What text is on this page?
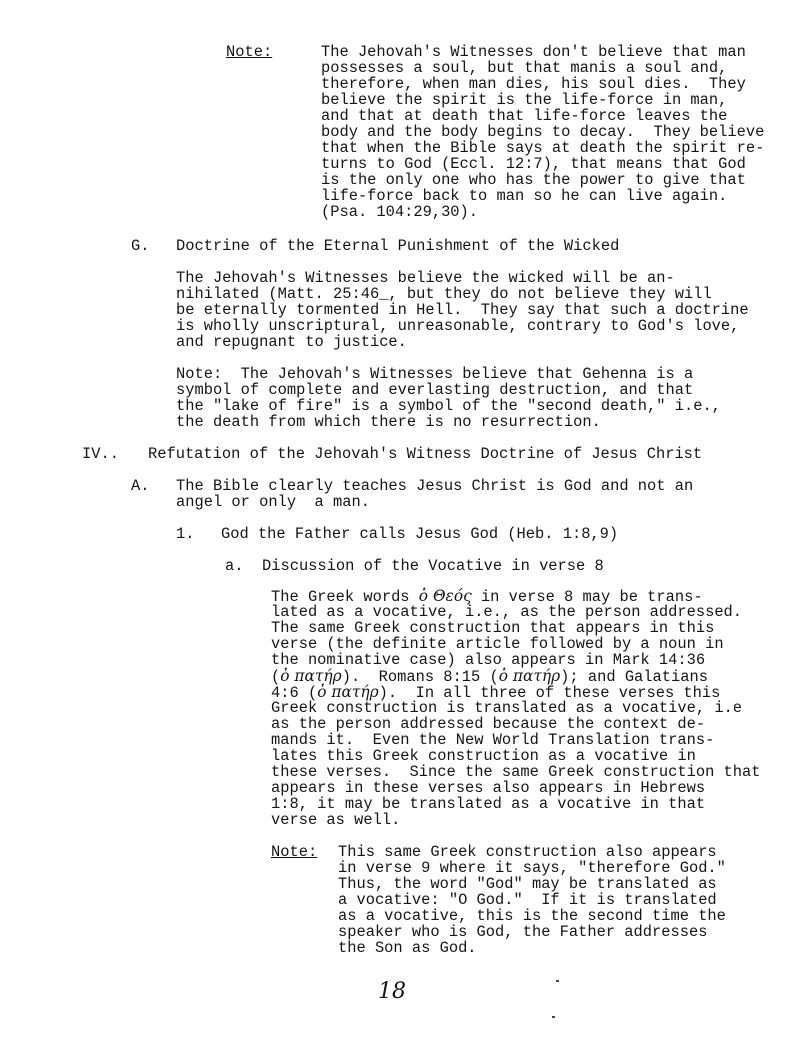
Note:	The Jehovah's Witnesses don't believe that man
possesses a soul, but that manis a soul and,
therefore, when man dies, his soul dies.  They
believe the spirit is the life-force in man,
and that at death that life-force leaves the
body and the body begins to decay.  They believe
that when the Bible says at death the spirit re-
turns to God (Eccl. 12:7), that means that God
is the only one who has the power to give that
life-force back to man so he can live again.
(Psa. 104:29,30).
G. Doctrine of the Eternal Punishment of the Wicked
The Jehovah's Witnesses believe the wicked will be an-
nihilated (Matt. 25:46_, but they do not believe they will
be eternally tormented in Hell.  They say that such a doctrine
is wholly unscriptural, unreasonable, contrary to God's love,
and repugnant to justice.
Note:  The Jehovah's Witnesses believe that Gehenna is a
symbol of complete and everlasting destruction, and that
the "lake of fire" is a symbol of the "second death," i.e.,
the death from which there is no resurrection.
IV.. Refutation of the Jehovah's Witness Doctrine of Jesus Christ
A. The Bible clearly teaches Jesus Christ is God and not an
angel or only  a man.
1. God the Father calls Jesus God (Heb. 1:8,9)
a. Discussion of the Vocative in verse 8
The Greek words ὁ Θεός in verse 8 may be trans-
lated as a vocative, i.e., as the person addressed.
The same Greek construction that appears in this
verse (the definite article followed by a noun in
the nominative case) also appears in Mark 14:36
(ὁ πατήρ).  Romans 8:15 (ὁ πατήρ); and Galatians
4:6 (ὁ πατήρ).  In all three of these verses this
Greek construction is translated as a vocative, i.e
as the person addressed because the context de-
mands it.  Even the New World Translation trans-
lates this Greek construction as a vocative in
these verses.  Since the same Greek construction that
appears in these verses also appears in Hebrews
1:8, it may be translated as a vocative in that
verse as well.
Note: This same Greek construction also appears
in verse 9 where it says, "therefore God."
Thus, the word "God" may be translated as
a vocative: "O God."  If it is translated
as a vocative, this is the second time the
speaker who is God, the Father addresses
the Son as God.
18
